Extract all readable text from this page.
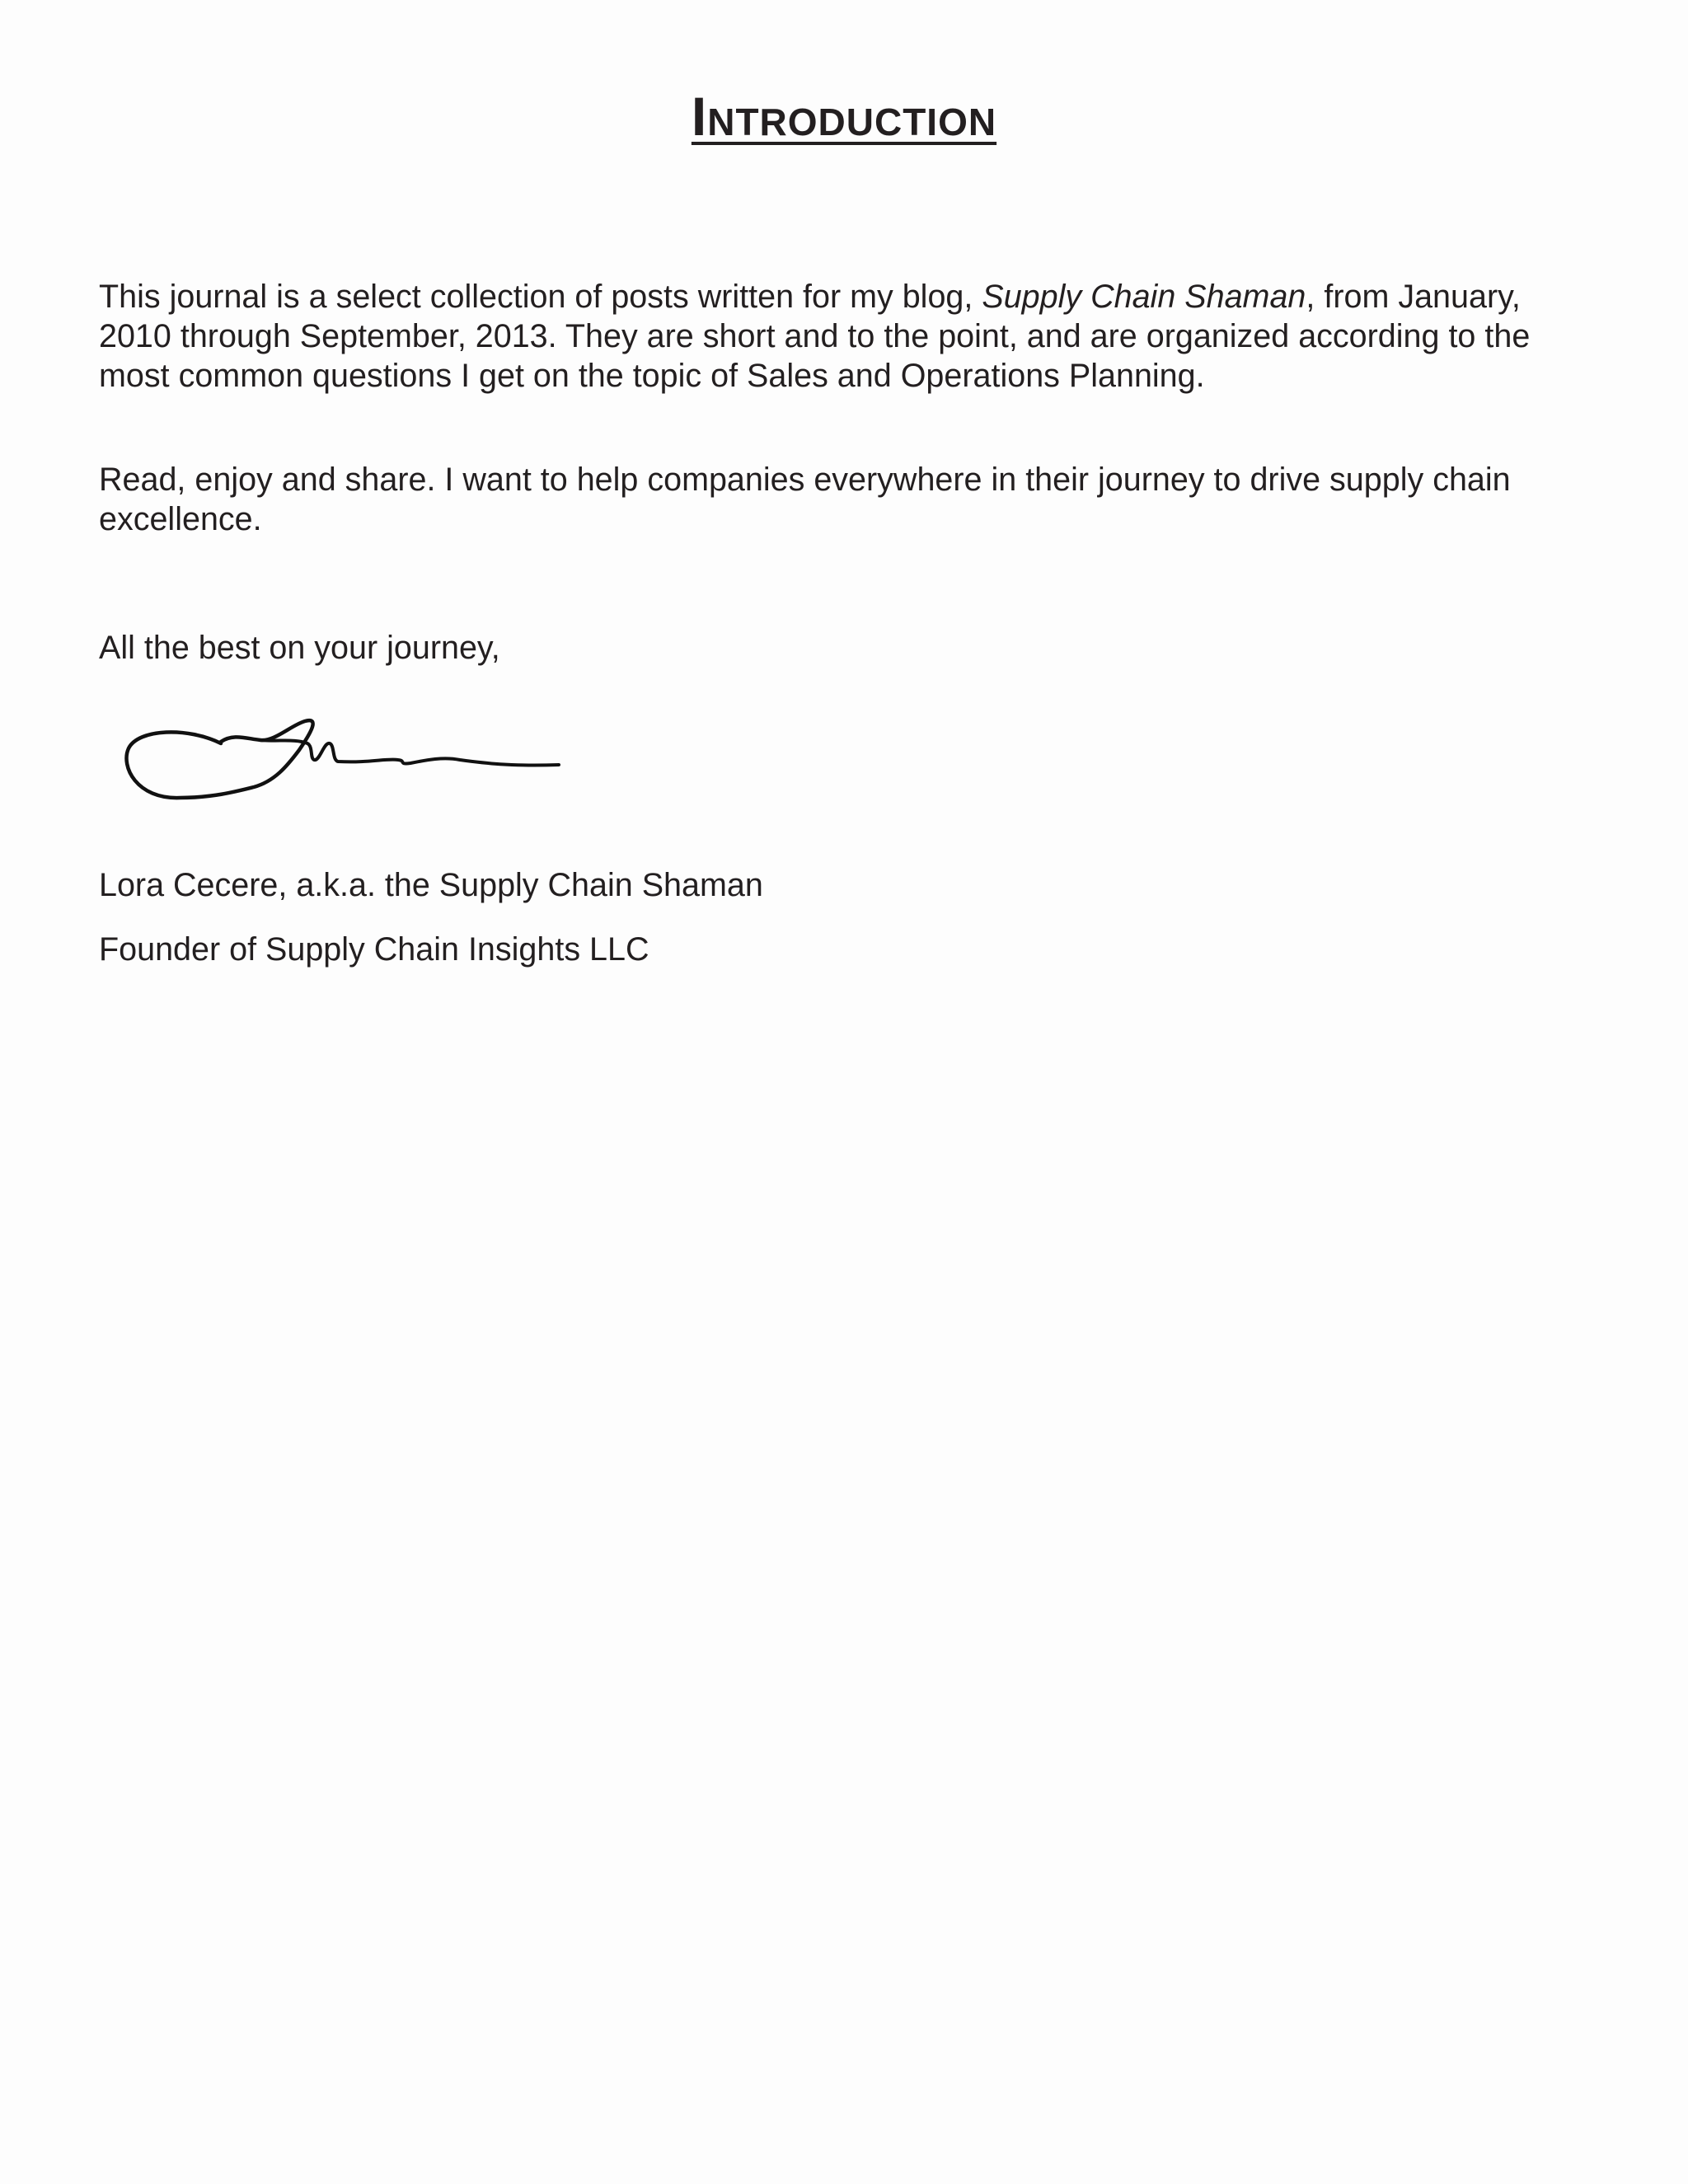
Introduction

This journal is a select collection of posts written for my blog, Supply Chain Shaman, from January, 2010 through September, 2013. They are short and to the point, and are organized according to the most common questions I get on the topic of Sales and Operations Planning.

Read, enjoy and share. I want to help companies everywhere in their journey to drive supply chain excellence.

All the best on your journey,

Lora Cecere, a.k.a. the Supply Chain Shaman

Founder of Supply Chain Insights LLC
